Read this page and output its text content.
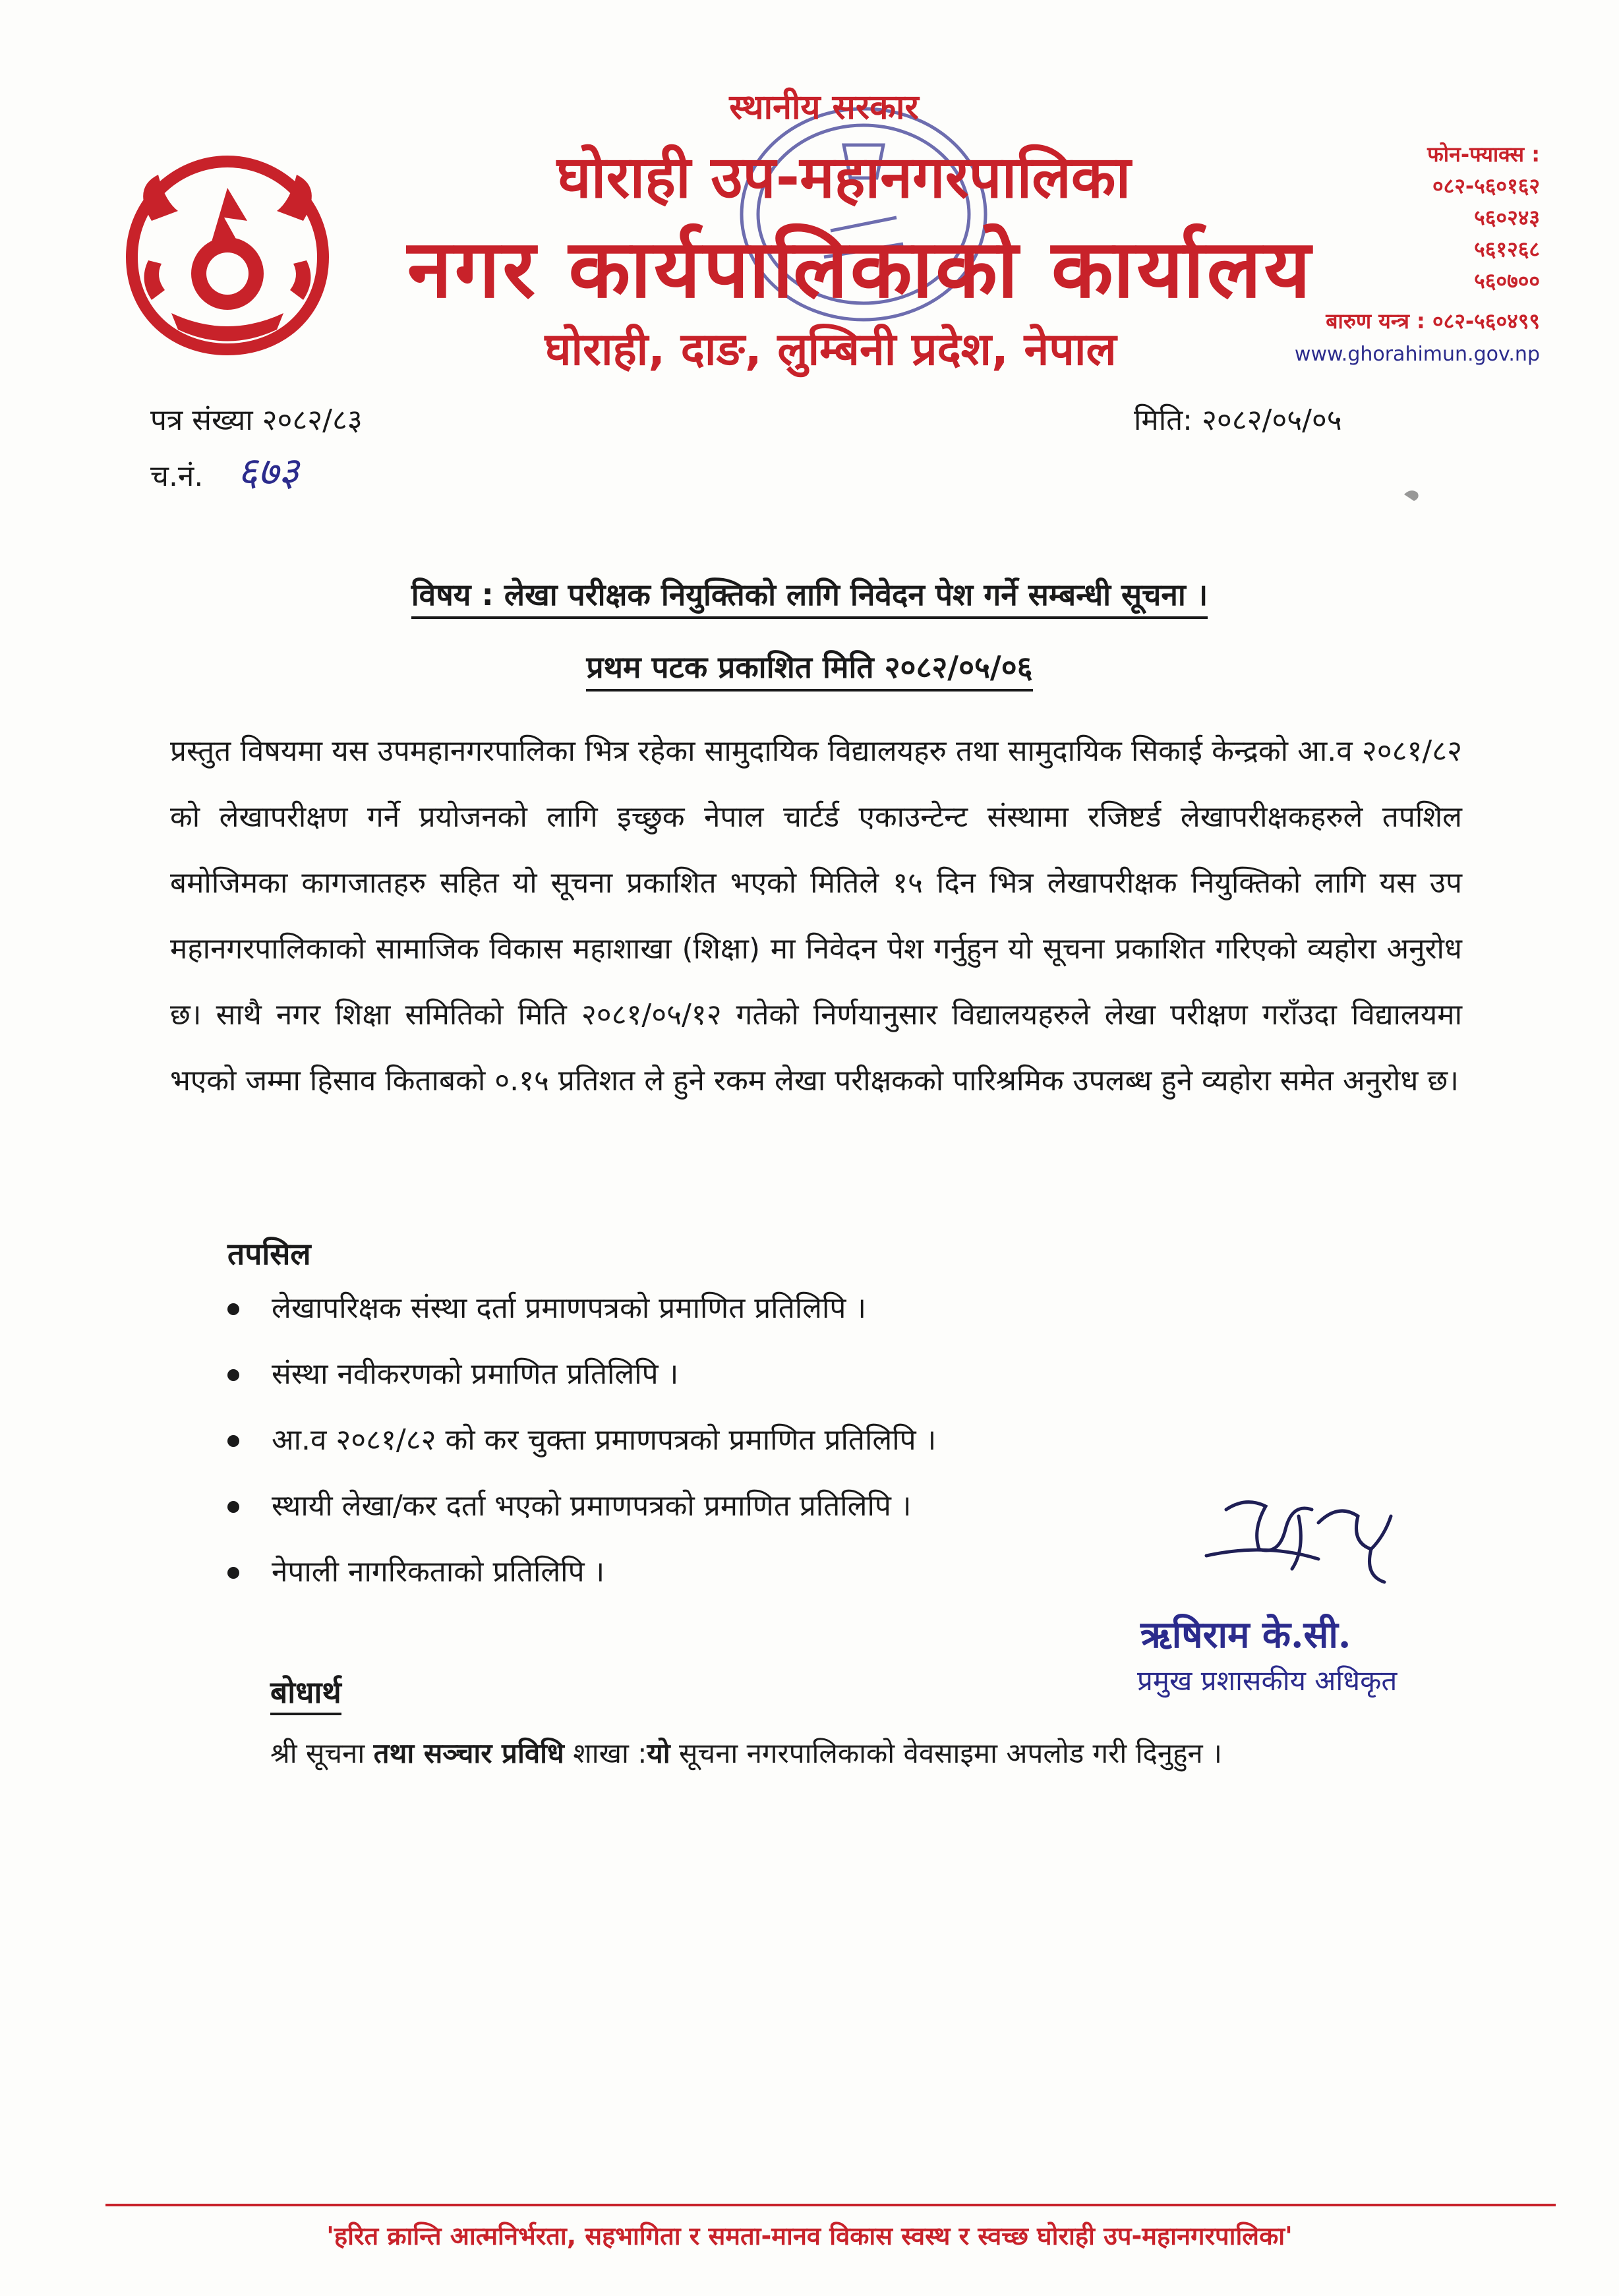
स्थानीय सरकार
घोराही उप-महानगरपालिका
नगर कार्यपालिकाको कार्यालय
घोराही, दाङ, लुम्बिनी प्रदेश, नेपाल
फोन-फ्याक्स :
०८२-५६०१६२
५६०२४३
५६१२६८
५६०७००
बारुण यन्त्र : ०८२-५६०४९९
www.ghorahimun.gov.np
पत्र संख्या २०८२/८३	मिति: २०८२/०५/०५
च.नं. ६७३
विषय : लेखा परीक्षक नियुक्तिको लागि निवेदन पेश गर्ने सम्बन्धी सूचना ।
प्रथम पटक प्रकाशित मिति २०८२/०५/०६
प्रस्तुत विषयमा यस उपमहानगरपालिका भित्र रहेका सामुदायिक विद्यालयहरु तथा सामुदायिक सिकाई केन्द्रको आ.व २०८१/८२ को लेखापरीक्षण गर्ने प्रयोजनको लागि इच्छुक नेपाल चार्टर्ड एकाउन्टेन्ट संस्थामा रजिष्टर्ड लेखापरीक्षकहरुले तपशिल बमोजिमका कागजातहरु सहित यो सूचना प्रकाशित भएको मितिले १५ दिन भित्र लेखापरीक्षक नियुक्तिको लागि यस उप महानगरपालिकाको सामाजिक विकास महाशाखा (शिक्षा) मा निवेदन पेश गर्नुहुन यो सूचना प्रकाशित गरिएको व्यहोरा अनुरोध छ। साथै नगर शिक्षा समितिको मिति २०८१/०५/१२ गतेको निर्णयानुसार विद्यालयहरुले लेखा परीक्षण गराँउदा विद्यालयमा भएको जम्मा हिसाव किताबको ०.१५ प्रतिशत ले हुने रकम लेखा परीक्षकको पारिश्रमिक उपलब्ध हुने व्यहोरा समेत अनुरोध छ।
तपसिल
लेखापरिक्षक संस्था दर्ता प्रमाणपत्रको प्रमाणित प्रतिलिपि ।
संस्था नवीकरणको प्रमाणित प्रतिलिपि ।
आ.व २०८१/८२ को कर चुक्ता प्रमाणपत्रको प्रमाणित प्रतिलिपि ।
स्थायी लेखा/कर दर्ता भएको प्रमाणपत्रको प्रमाणित प्रतिलिपि ।
नेपाली नागरिकताको प्रतिलिपि ।
ऋषिराम के.सी.
प्रमुख प्रशासकीय अधिकृत
बोधार्थ
श्री सूचना तथा सञ्चार प्रविधि शाखा :यो सूचना नगरपालिकाको वेवसाइमा अपलोड गरी दिनुहुन ।
'हरित क्रान्ति आत्मनिर्भरता, सहभागिता र समता-मानव विकास स्वस्थ र स्वच्छ घोराही उप-महानगरपालिका'
